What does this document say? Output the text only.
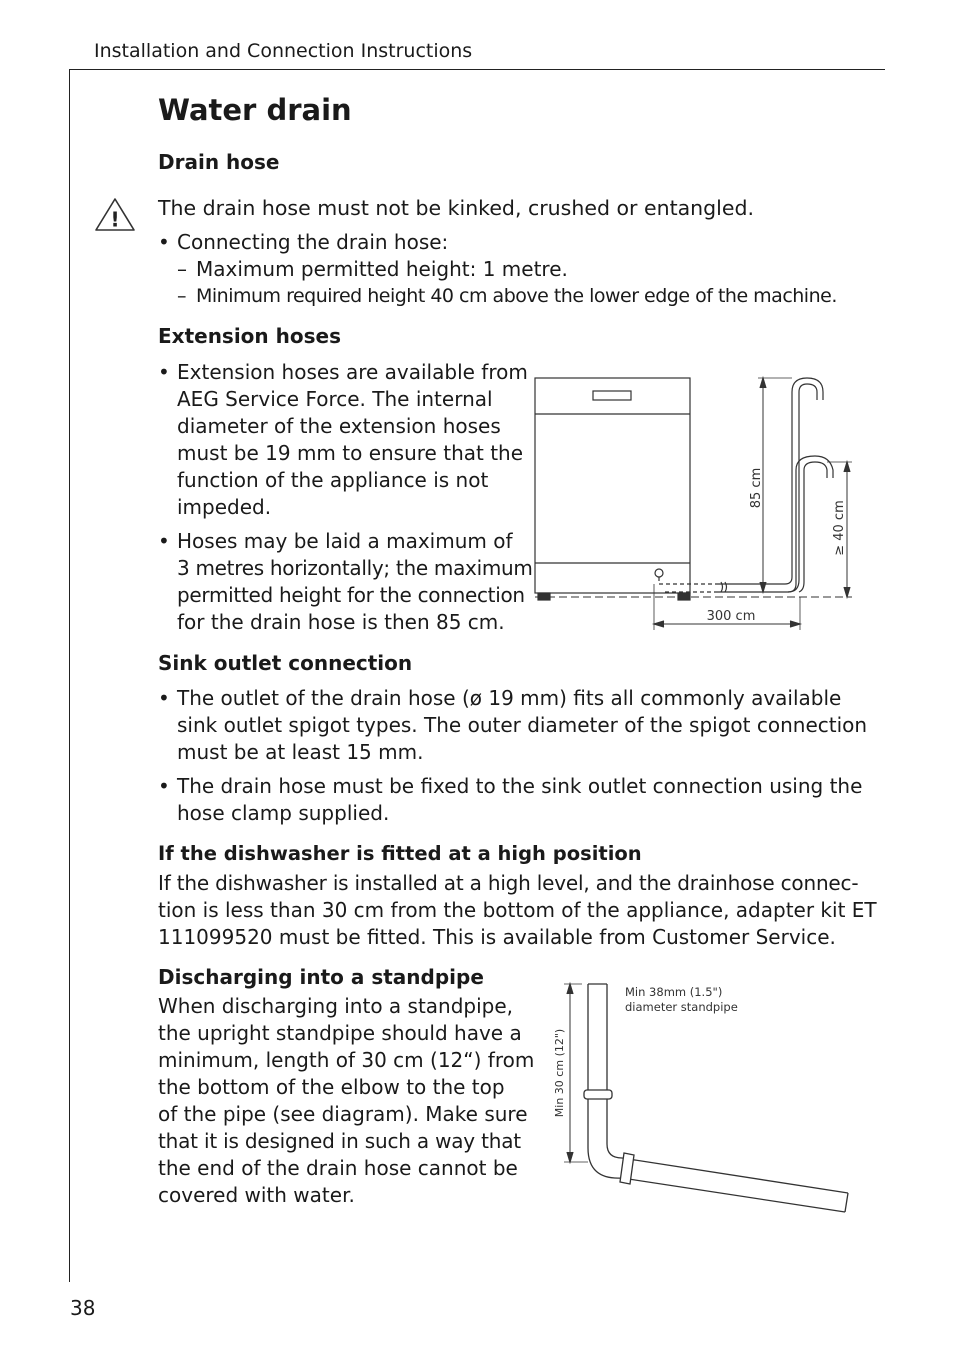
Installation and Connection Instructions
38
Water drain
Drain hose
! The drain hose must not be kinked, crushed or entangled.

• Connecting the drain hose:

– Maximum permitted height: 1 metre.

– Minimum required height 40 cm above the lower edge of the machine.

Extension hoses
• Extension hoses are available from
AEG Service Force. The internal
diameter of the extension hoses
must be 19 mm to ensure that the
function of the appliance is not
impeded.
• Hoses may be laid a maximum of
3 metres horizontally; the maximum
permitted height for the connection
for the drain hose is then 85 cm.
85 cm
≥ 40 cm
300 cm
Sink outlet connection
• The outlet of the drain hose (ø 19 mm) fits all commonly available
sink outlet spigot types. The outer diameter of the spigot connection
must be at least 15 mm.
• The drain hose must be fixed to the sink outlet connection using the
hose clamp supplied.
If the dishwasher is fitted at a high position
If the dishwasher is installed at a high level, and the drainhose connec-
tion is less than 30 cm from the bottom of the appliance, adapter kit ET
111099520 must be fitted. This is available from Customer Service.
Discharging into a standpipe
When discharging into a standpipe,
the upright standpipe should have a
minimum, length of 30 cm (12“) from
the bottom of the elbow to the top
of the pipe (see diagram). Make sure
that it is designed in such a way that
the end of the drain hose cannot be
covered with water.
Min 30 cm (12")
Min 38mm (1.5")
diameter standpipe
